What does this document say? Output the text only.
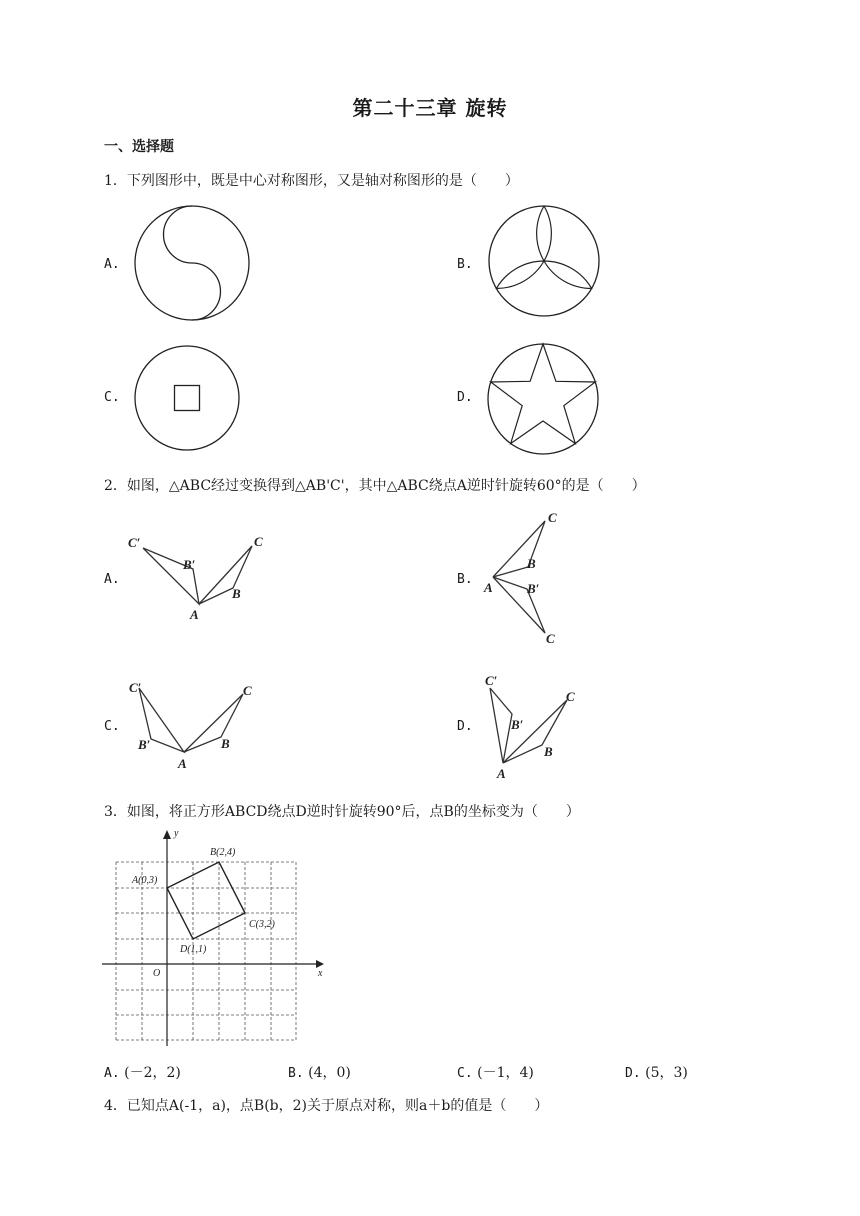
第二十三章 旋转
一、选择题
1．下列图形中，既是中心对称图形，又是轴对称图形的是（　　）
A.	B.
C.	D.
2．如图，△ABC经过变换得到△AB'C'，其中△ABC绕点A逆时针旋转60°的是（　　）
A.
C′
B′
C
B
A
C
B
A	B′
C
C′	C
B′	B
A
C′
B′
C
B
A
B.
C.	D.
3．如图，将正方形ABCD绕点D逆时针旋转90°后，点B的坐标变为（　　）
y
x
O
A(0,3)
B(2,4)
C(3,2)
D(1,1)
A. (－2，2)	B. (4，0)	C. (－1，4)	D. (5，3)
4．已知点A(-1，a)，点B(b，2)关于原点对称，则a＋b的值是（　　）
